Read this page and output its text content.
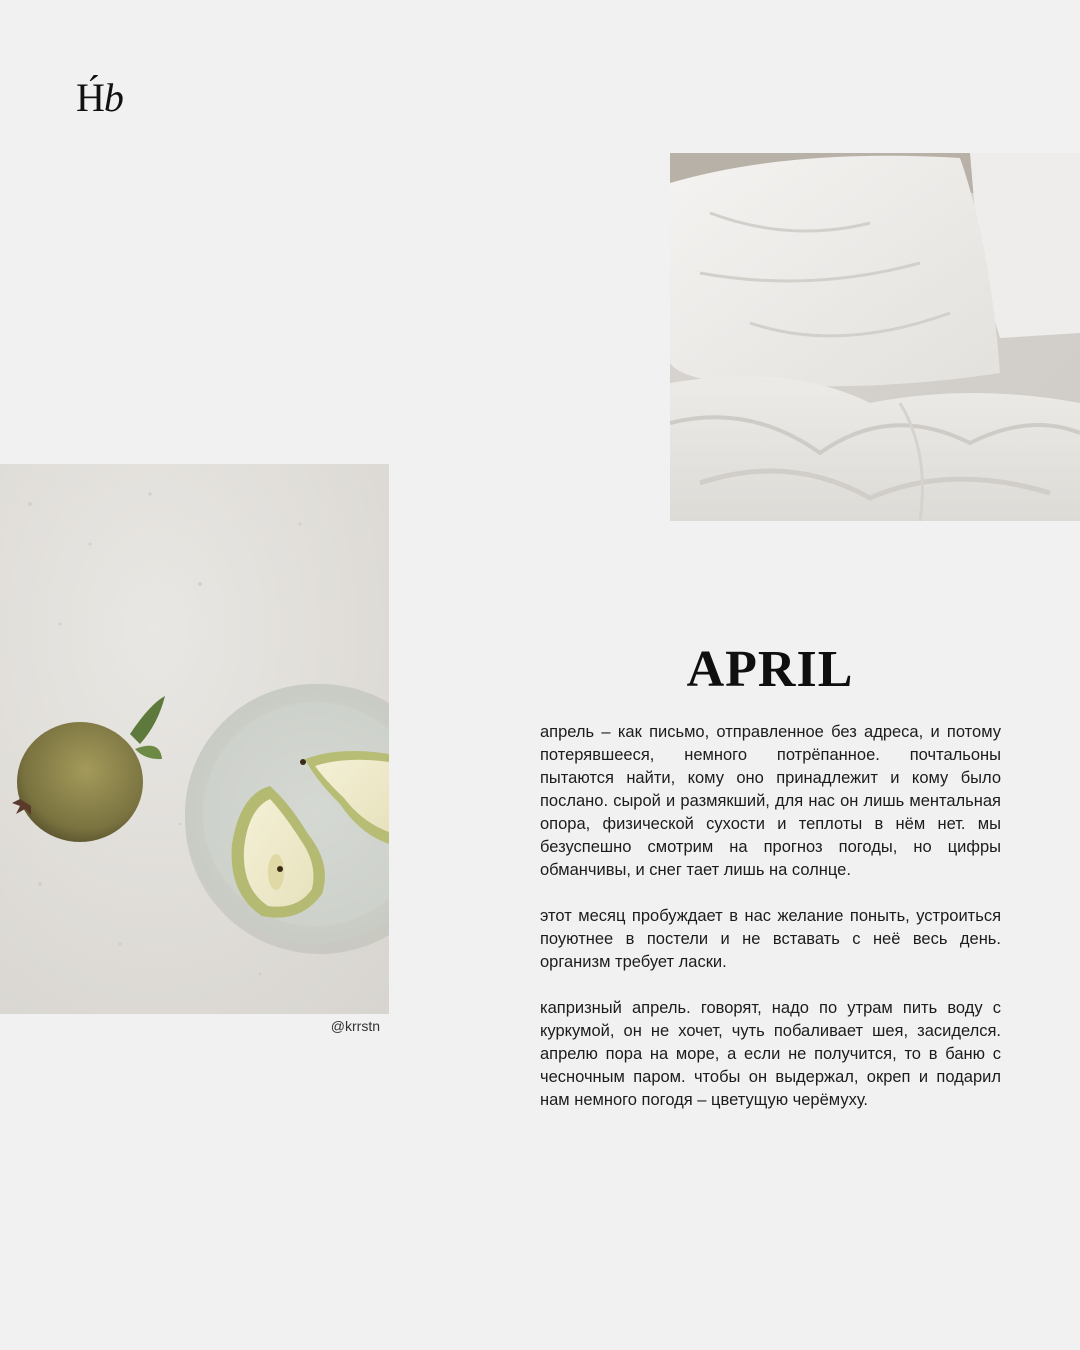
H́b
@krrstn
APRIL

апрель – как письмо, отправленное без адреса, и потому потерявшееся, немного потрёпанное. почтальоны пытаются найти, кому оно принадлежит и кому было послано. сырой и размякший, для нас он лишь ментальная опора, физической сухости и теплоты в нём нет. мы безуспешно смотрим на прогноз погоды, но цифры обманчивы, и снег тает лишь на солнце.

этот месяц пробуждает в нас желание поныть, устроиться поуютнее в постели и не вставать с неё весь день. организм требует ласки.

капризный апрель. говорят, надо по утрам пить воду с куркумой, он не хочет, чуть побаливает шея, засиделся. апрелю пора на море, а если не получится, то в баню с чесночным паром. чтобы он выдержал, окреп и подарил нам немного погодя – цветущую черёмуху.
